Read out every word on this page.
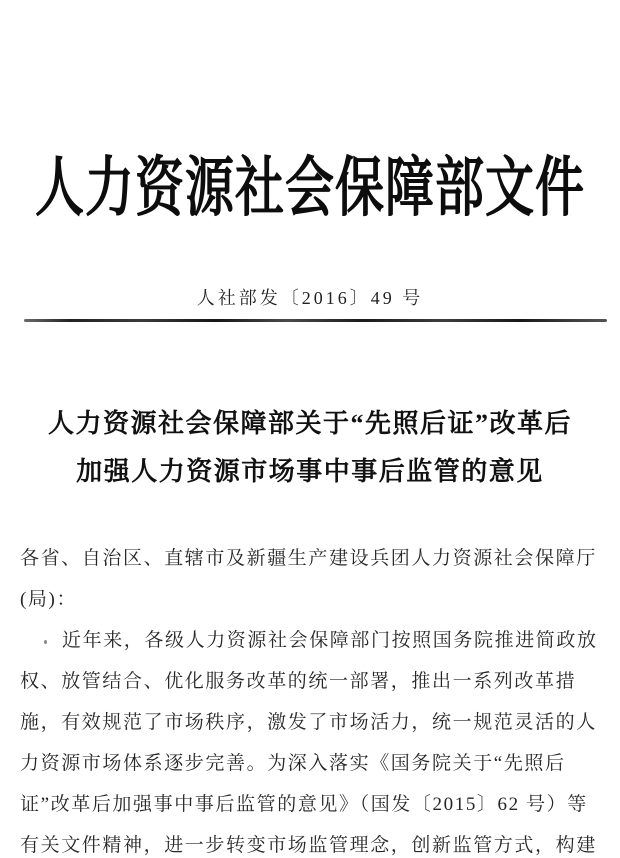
人力资源社会保障部文件
人社部发〔2016〕49 号
人力资源社会保障部关于“先照后证”改革后
加强人力资源市场事中事后监管的意见
各省、自治区、直辖市及新疆生产建设兵团人力资源社会保障厅
(局)：
近年来，各级人力资源社会保障部门按照国务院推进简政放
权、放管结合、优化服务改革的统一部署，推出一系列改革措
施，有效规范了市场秩序，激发了市场活力，统一规范灵活的人
力资源市场体系逐步完善。为深入落实《国务院关于“先照后
证”改革后加强事中事后监管的意见》（国发〔2015〕62 号）等
有关文件精神，进一步转变市场监管理念，创新监管方式，构建
